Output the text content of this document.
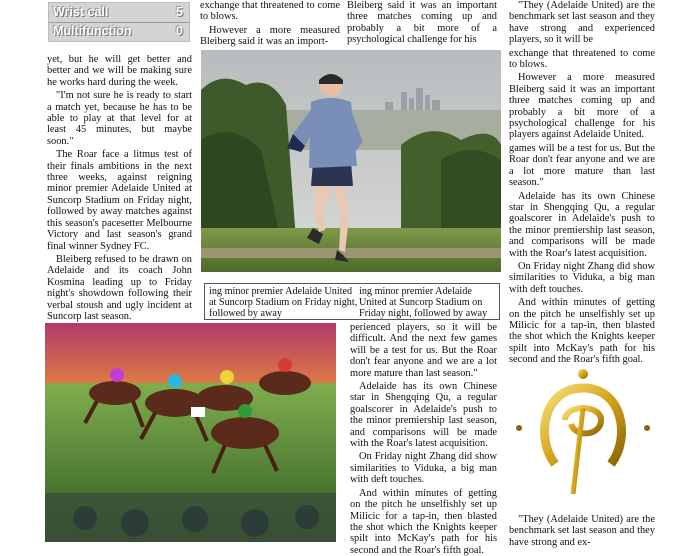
Wrist call	5
Multifunction	0

yet, but he will get better and better and we will be making sure he works hard during the week.

"I'm not sure he is ready to start a match yet, because he has to be able to play at that level for at least 45 minutes, but maybe soon."

The Roar face a litmus test of their finals ambitions in the next three weeks, against reigning minor premier Adelaide United at Suncorp Stadium on Friday night, followed by away matches against this season's pacesetter Melbourne Victory and last season's grand final winner Sydney FC.

Bleiberg refused to be drawn on Adelaide and its coach John Kosmina leading up to Friday night's showdown following their verbal stoush and ugly incident at Suncorp last season.

exchange that threatened to come to blows.

However a more measured Bleiberg said it was an import-

Bleiberg said it was an important three matches coming up and probably a bit more of a psychological challenge for his

ing minor premier Adelaide United at Suncorp Stadium on Friday night, followed by away
ing minor premier Adelaide United at Suncorp Stadium on Friday night, followed by away

perienced players, so it will be difficult. And the next few games will be a test for us. But the Roar don't fear anyone and we are a lot more mature than last season."

Adelaide has its own Chinese star in Shengqing Qu, a regular goalscorer in Adelaide's push to the minor premiership last season, and comparisons will be made with the Roar's latest acquisition.

On Friday night Zhang did show similarities to Viduka, a big man with deft touches.

And within minutes of getting on the pitch he unselfishly set up Milicic for a tap-in, then blasted the shot which the Knights keeper spilt into McKay's path for his second and the Roar's fifth goal.

"They (Adelaide United) are the benchmark set last season and they have strong and experienced players, so it will be

exchange that threatened to come to blows.

However a more measured Bleiberg said it was an important three matches coming up and probably a bit more of a psychological challenge for his players against Adelaide United.

games will be a test for us. But the Roar don't fear anyone and we are a lot more mature than last season."

Adelaide has its own Chinese star in Shengqing Qu, a regular goalscorer in Adelaide's push to the minor premiership last season, and comparisons will be made with the Roar's latest acquisition.

On Friday night Zhang did show similarities to Viduka, a big man with deft touches.

And within minutes of getting on the pitch he unselfishly set up Milicic for a tap-in, then blasted the shot which the Knights keeper spilt into McKay's path for his second and the Roar's fifth goal.

"They (Adelaide United) are the benchmark set last season and they have strong and ex-
